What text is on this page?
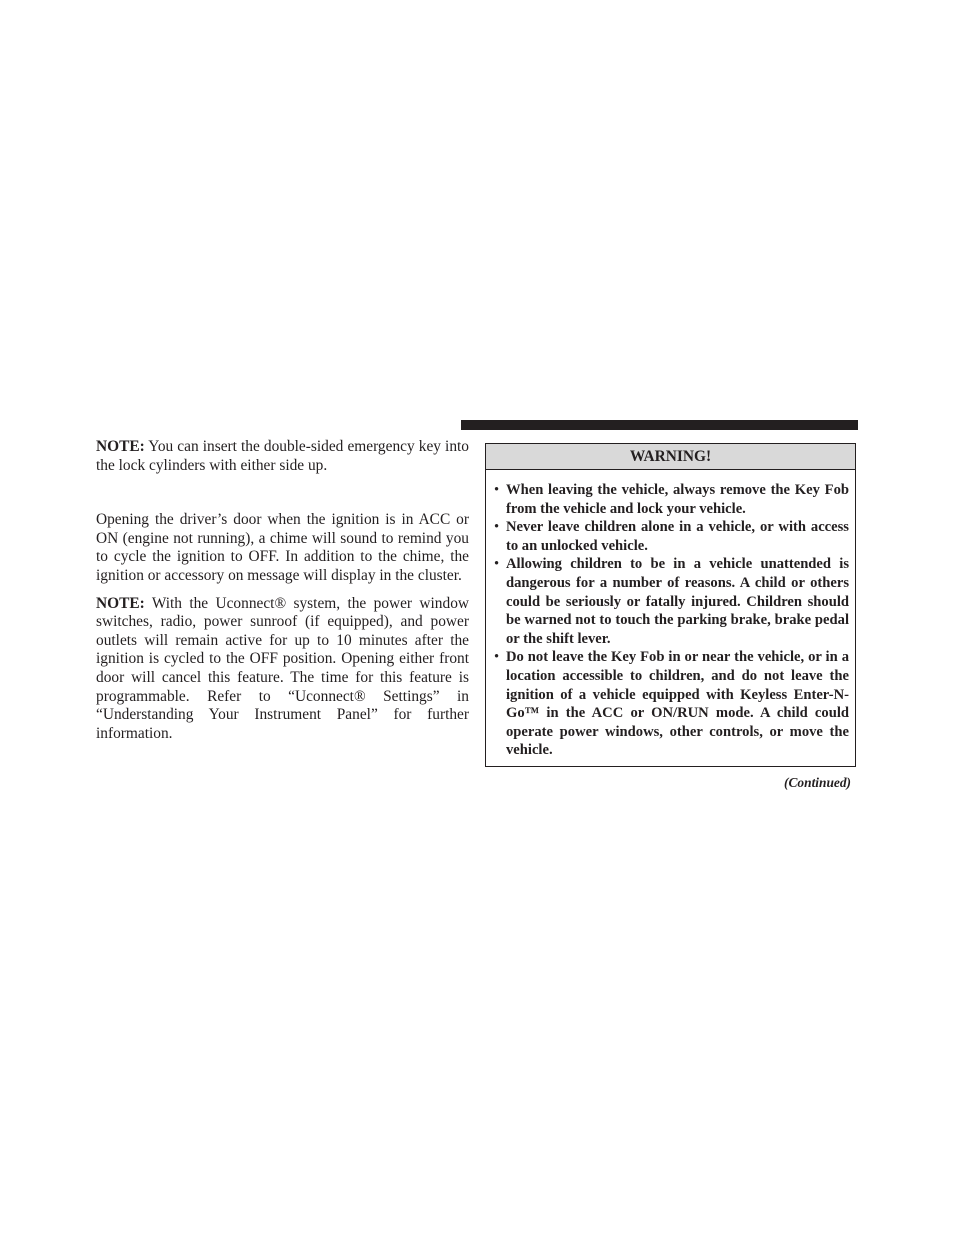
NOTE: You can insert the double-sided emergency key into the lock cylinders with either side up.

Opening the driver’s door when the ignition is in ACC or ON (engine not running), a chime will sound to remind you to cycle the ignition to OFF. In addition to the chime, the ignition or accessory on message will display in the cluster.

NOTE: With the Uconnect® system, the power window switches, radio, power sunroof (if equipped), and power outlets will remain active for up to 10 minutes after the ignition is cycled to the OFF position. Opening either front door will cancel this feature. The time for this feature is programmable. Refer to “Uconnect® Settings” in “Understanding Your Instrument Panel” for further information.

WARNING!
• When leaving the vehicle, always remove the Key Fob from the vehicle and lock your vehicle.
• Never leave children alone in a vehicle, or with access to an unlocked vehicle.
• Allowing children to be in a vehicle unattended is dangerous for a number of reasons. A child or others could be seriously or fatally injured. Children should be warned not to touch the parking brake, brake pedal or the shift lever.
• Do not leave the Key Fob in or near the vehicle, or in a location accessible to children, and do not leave the ignition of a vehicle equipped with Keyless Enter-N-Go™ in the ACC or ON/RUN mode. A child could operate power windows, other controls, or move the vehicle.
(Continued)
